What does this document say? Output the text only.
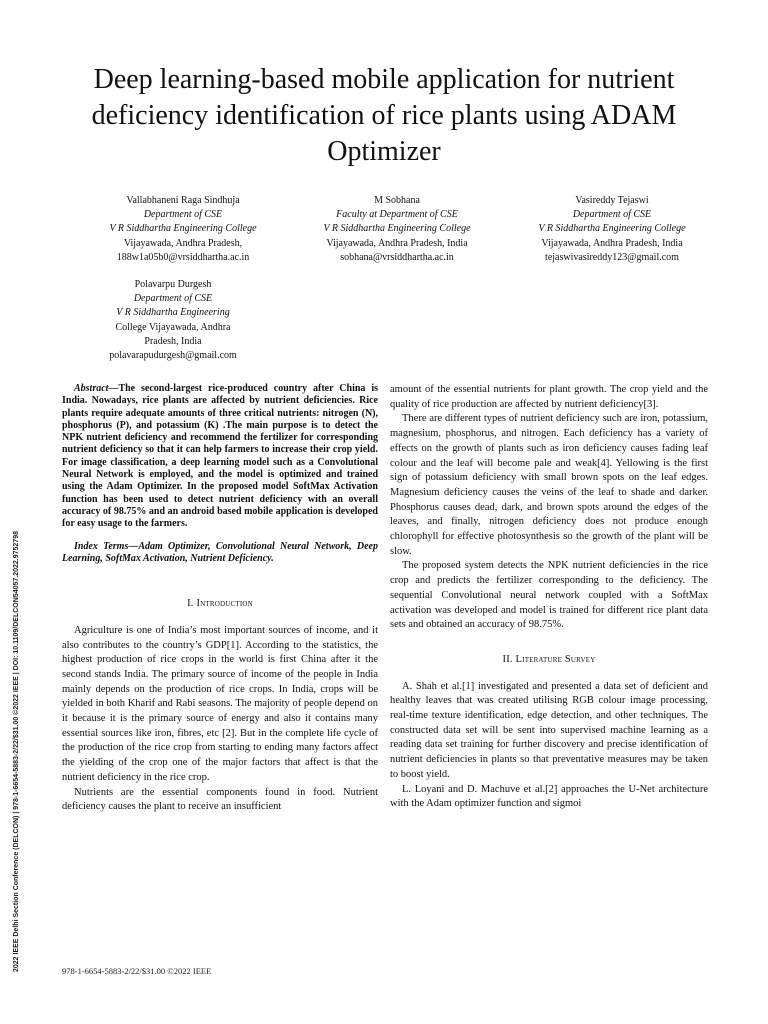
Deep learning-based mobile application for nutrient deficiency identification of rice plants using ADAM Optimizer
Vallabhaneni Raga Sindhuja
Department of CSE
V R Siddhartha Engineering College
Vijayawada, Andhra Pradesh,
188w1a05b0@vrsiddhartha.ac.in
M Sobhana
Faculty at Department of CSE
V R Siddhartha Engineering College
Vijayawada, Andhra Pradesh, India
sobhana@vrsiddhartha.ac.in
Vasireddy Tejaswi
Department of CSE
V R Siddhartha Engineering College
Vijayawada, Andhra Pradesh, India
tejaswivasireddy123@gmail.com
Polavarpu Durgesh
Department of CSE
V R Siddhartha Engineering
College Vijayawada, Andhra
Pradesh, India
polavarapudurgesh@gmail.com
2022 IEEE Delhi Section Conference (DELCON) | 978-1-6654-5883-2/22/$31.00 ©2022 IEEE | DOI: 10.1109/DELCON54057.2022.9752798

Abstract—The second-largest rice-produced country after China is India. Nowadays, rice plants are affected by nutrient deficiencies. Rice plants require adequate amounts of three critical nutrients: nitrogen (N), phosphorus (P), and potassium (K) .The main purpose is to detect the NPK nutrient deficiency and recommend the fertilizer for corresponding nutrient deficiency so that it can help farmers to increase their crop yield. For image classification, a deep learning model such as a Convolutional Neural Network is employed, and the model is optimized and trained using the Adam Optimizer. In the proposed model SoftMax Activation function has been used to detect nutrient deficiency with an overall accuracy of 98.75% and an android based mobile application is developed for easy usage to the farmers.

Index Terms—Adam Optimizer, Convolutional Neural Network, Deep Learning, SoftMax Activation, Nutrient Deficiency.

I. Introduction

Agriculture is one of India’s most important sources of income, and it also contributes to the country’s GDP[1]. According to the statistics, the highest production of rice crops in the world is first China after it the second stands India. The primary source of income of the people in India mainly depends on the production of rice crops. In India, crops will be yielded in both Kharif and Rabi seasons. The majority of people depend on it because it is the primary source of energy and also it contains many essential sources like iron, fibres, etc [2]. But in the complete life cycle of the production of the rice crop from starting to ending many factors affect the yielding of the crop one of the major factors that affect is that the nutrient deficiency in the rice crop.

Nutrients are the essential components found in food. Nutrient deficiency causes the plant to receive an insufficient

amount of the essential nutrients for plant growth. The crop yield and the quality of rice production are affected by nutrient deficiency[3].

There are different types of nutrient deficiency such are iron, potassium, magnesium, phosphorus, and nitrogen. Each deficiency has a variety of effects on the growth of plants such as iron deficiency causes fading leaf colour and the leaf will become pale and weak[4]. Yellowing is the first sign of potassium deficiency with small brown spots on the leaf edges. Magnesium deficiency causes the veins of the leaf to shade and darker. Phosphorus causes dead, dark, and brown spots around the edges of the leaves, and finally, nitrogen deficiency does not produce enough chlorophyll for effective photosynthesis so the growth of the plant will be slow.

The proposed system detects the NPK nutrient deficiencies in the rice crop and predicts the fertilizer corresponding to the deficiency. The sequential Convolutional neural network coupled with a SoftMax activation was developed and model is trained for different rice plant data sets and obtained an accuracy of 98.75%.

II. Literature Survey

A. Shah et al.[1] investigated and presented a data set of deficient and healthy leaves that was created utilising RGB colour image processing, real-time texture identification, edge detection, and other techniques. The constructed data set will be sent into supervised machine learning as a reading data set training for further discovery and precise identification of nutrient deficiencies in plants so that preventative measures may be taken to boost yield.

L. Loyani and D. Machuve et al.[2] approaches the U-Net architecture with the Adam optimizer function and sigmoi

978-1-6654-5883-2/22/$31.00 ©2022 IEEE
